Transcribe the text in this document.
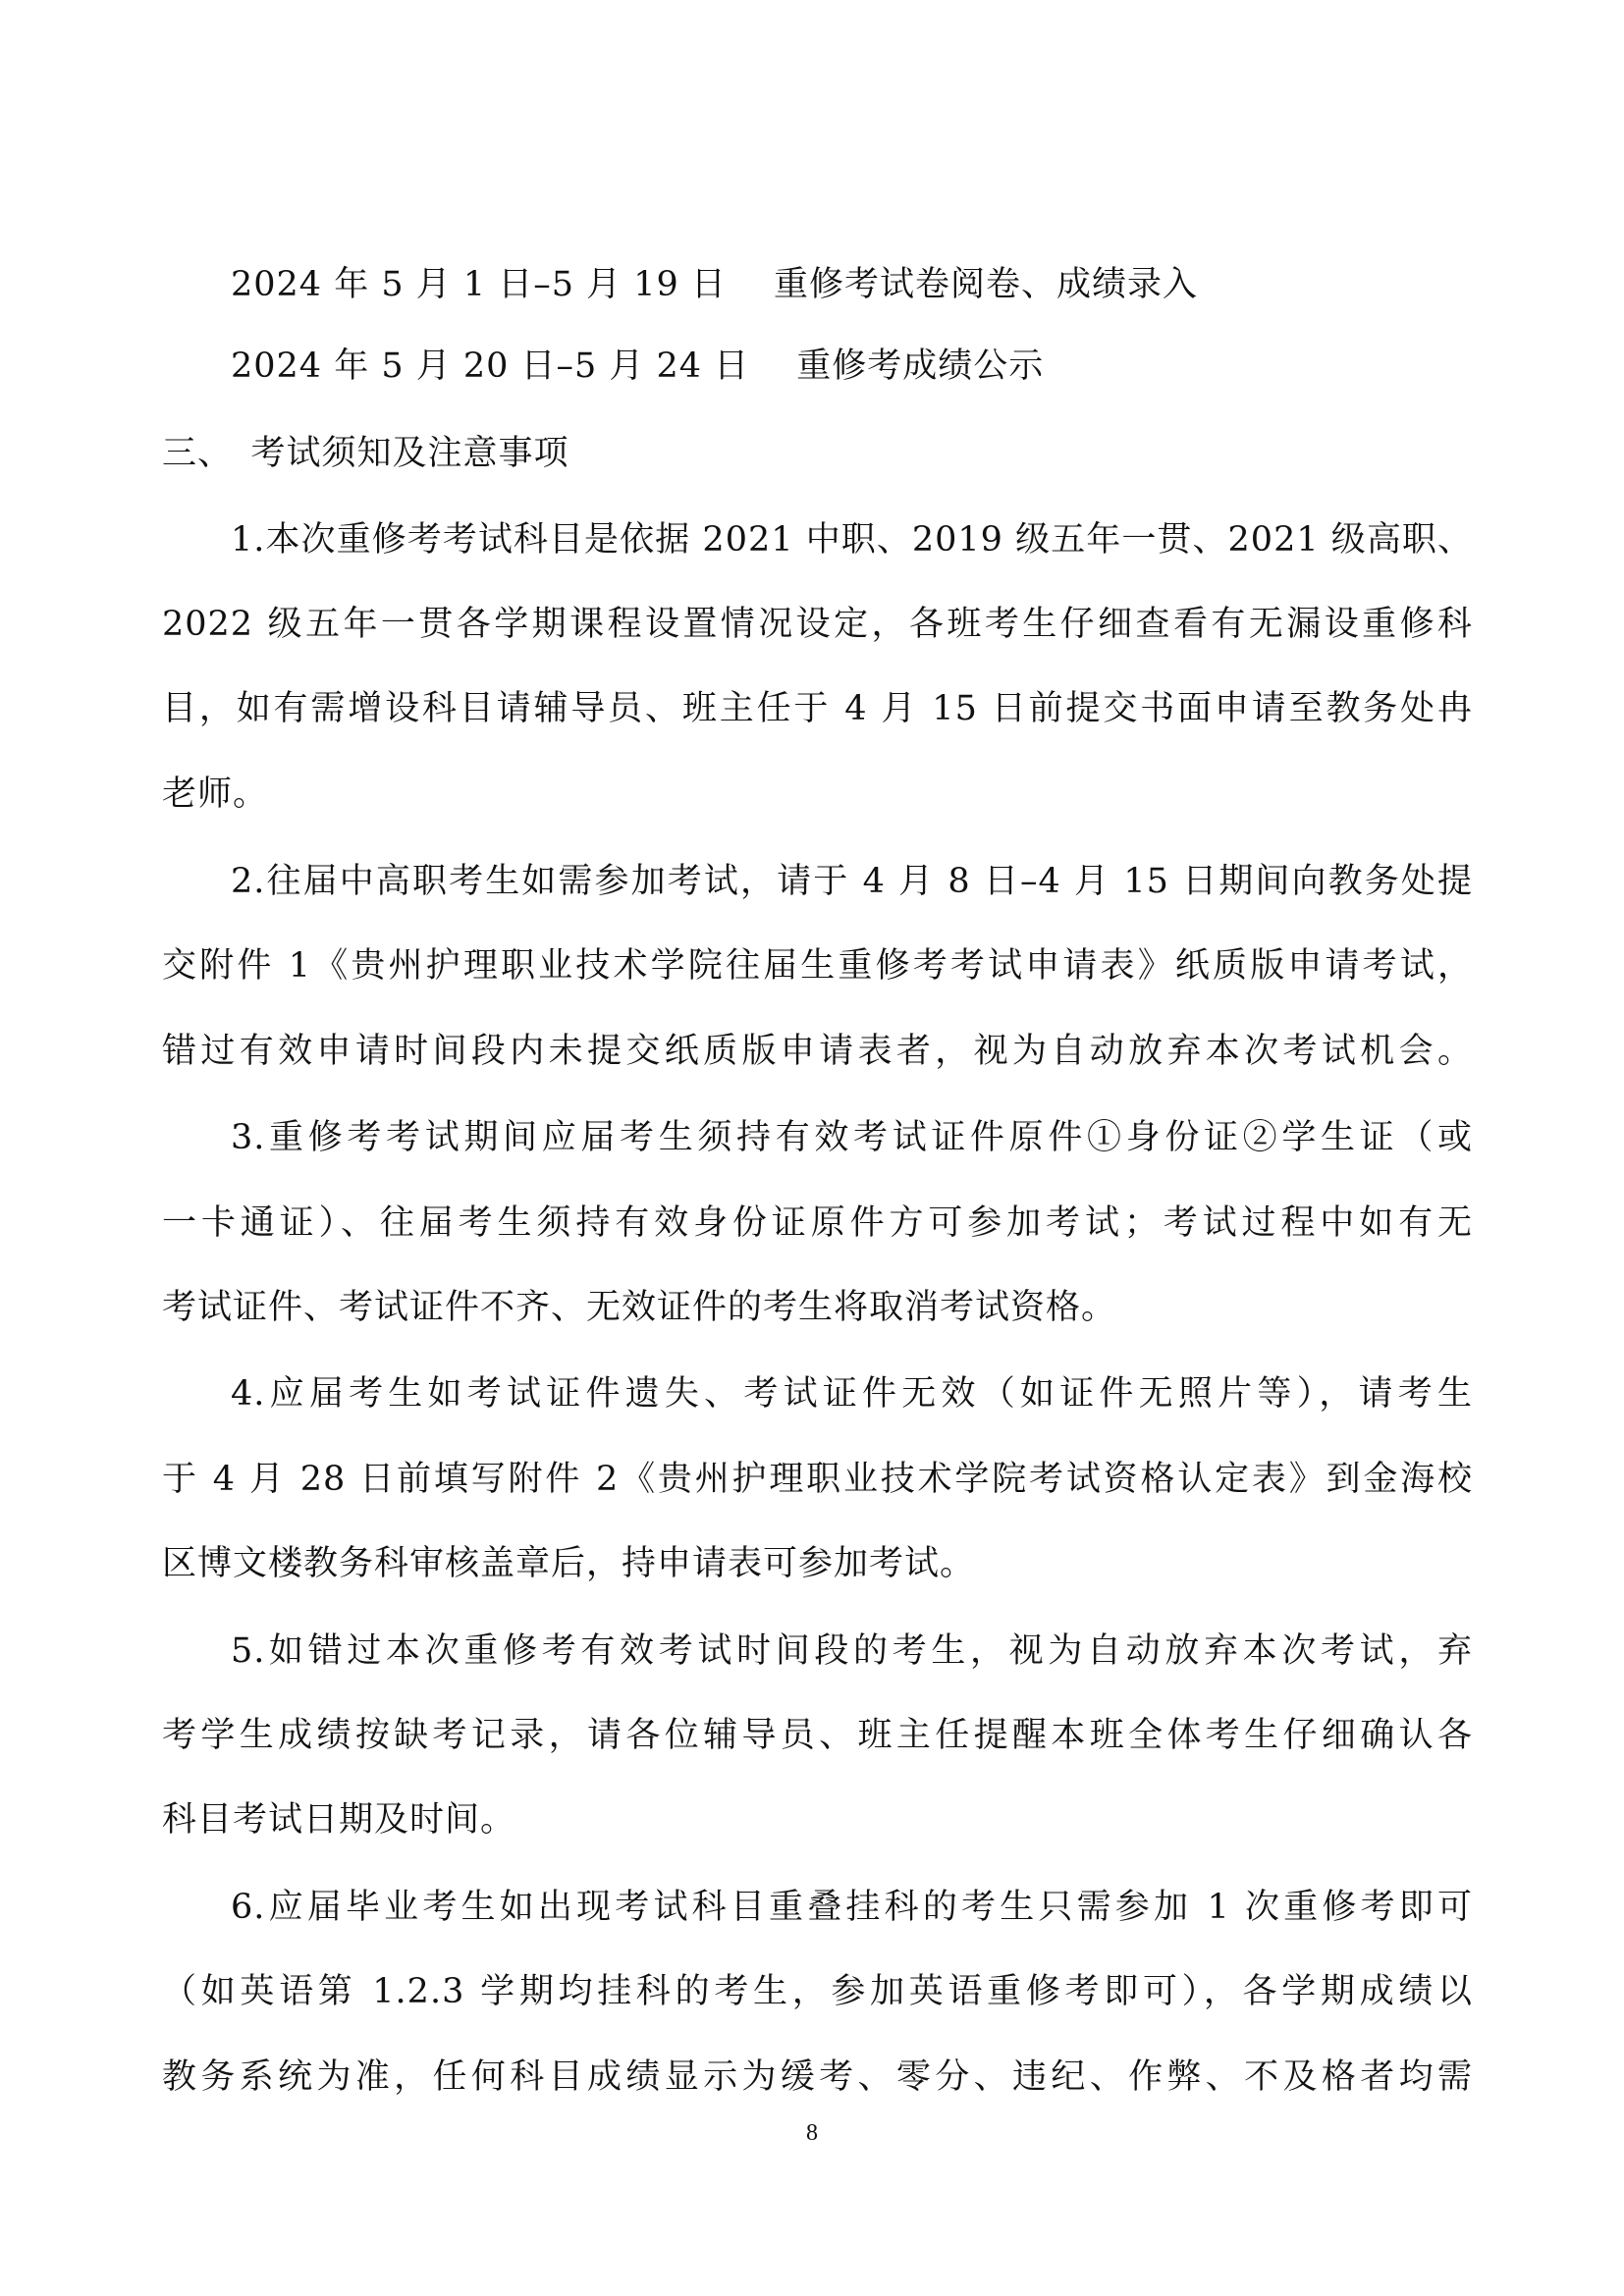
2024 年 5 月 1 日–5 月 19 日　 重修考试卷阅卷、成绩录入
2024 年 5 月 20 日–5 月 24 日　 重修考成绩公示
三、　考试须知及注意事项
1.本次重修考考试科目是依据 2021 中职、2019 级五年一贯、2021 级高职、
2022 级五年一贯各学期课程设置情况设定，各班考生仔细查看有无漏设重修科
目，如有需增设科目请辅导员、班主任于 4 月 15 日前提交书面申请至教务处冉
老师。
2.往届中高职考生如需参加考试，请于 4 月 8 日–4 月 15 日期间向教务处提
交附件 1《贵州护理职业技术学院往届生重修考考试申请表》纸质版申请考试，
错过有效申请时间段内未提交纸质版申请表者，视为自动放弃本次考试机会。
3.重修考考试期间应届考生须持有效考试证件原件①身份证②学生证（或
一卡通证）、往届考生须持有效身份证原件方可参加考试；考试过程中如有无
考试证件、考试证件不齐、无效证件的考生将取消考试资格。
4.应届考生如考试证件遗失、考试证件无效（如证件无照片等），请考生
于 4 月 28 日前填写附件 2《贵州护理职业技术学院考试资格认定表》到金海校
区博文楼教务科审核盖章后，持申请表可参加考试。
5.如错过本次重修考有效考试时间段的考生，视为自动放弃本次考试，弃
考学生成绩按缺考记录，请各位辅导员、班主任提醒本班全体考生仔细确认各
科目考试日期及时间。
6.应届毕业考生如出现考试科目重叠挂科的考生只需参加 1 次重修考即可
（如英语第 1.2.3 学期均挂科的考生，参加英语重修考即可），各学期成绩以
教务系统为准，任何科目成绩显示为缓考、零分、违纪、作弊、不及格者均需
8
